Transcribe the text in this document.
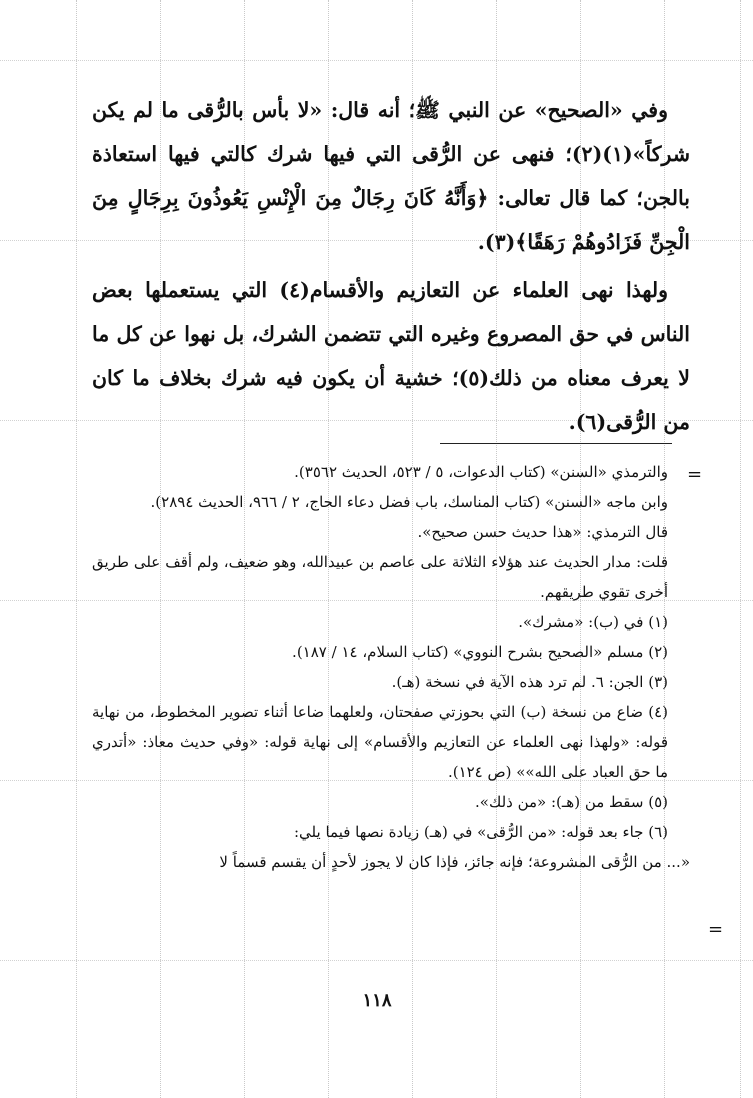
وفي «الصحيح» عن النبي ﷺ؛ أنه قال: «لا بأس بالرُّقى ما لم يكن شركاً»(١)(٢)؛ فنهى عن الرُّقى التي فيها شرك كالتي فيها استعاذة بالجن؛ كما قال تعالى: ﴿وَأَنَّهُ كَانَ رِجَالٌ مِنَ الْإِنْسِ يَعُوذُونَ بِرِجَالٍ مِنَ الْجِنِّ فَزَادُوهُمْ رَهَقًا﴾(٣).

ولهذا نهى العلماء عن التعازيم والأقسام(٤) التي يستعملها بعض الناس في حق المصروع وغيره التي تتضمن الشرك، بل نهوا عن كل ما لا يعرف معناه من ذلك(٥)؛ خشية أن يكون فيه شرك بخلاف ما كان من الرُّقى(٦).

=

والترمذي «السنن» (كتاب الدعوات، ٥ / ٥٢٣، الحديث ٣٥٦٢).

وابن ماجه «السنن» (كتاب المناسك، باب فضل دعاء الحاج، ٢ / ٩٦٦، الحديث ٢٨٩٤).

قال الترمذي: «هذا حديث حسن صحيح».

قلت: مدار الحديث عند هؤلاء الثلاثة على عاصم بن عبيدالله، وهو ضعيف، ولم أقف على طريق أخرى تقوي طريقهم.

(١) في (ب): «مشرك».

(٢) مسلم «الصحيح بشرح النووي» (كتاب السلام، ١٤ / ١٨٧).

(٣) الجن: ٦. لم ترد هذه الآية في نسخة (هـ).

(٤) ضاع من نسخة (ب) التي بحوزتي صفحتان، ولعلهما ضاعا أثناء تصوير المخطوط، من نهاية قوله: «ولهذا نهى العلماء عن التعازيم والأقسام» إلى نهاية قوله: «وفي حديث معاذ: «أتدري ما حق العباد على الله»» (ص ١٢٤).

(٥) سقط من (هـ): «من ذلك».

(٦) جاء بعد قوله: «من الرُّقى» في (هـ) زيادة نصها فيما يلي:

«... من الرُّقى المشروعة؛ فإنه جائز، فإذا كان لا يجوز لأحدٍ أن يقسم قسماً لا

=
١١٨
